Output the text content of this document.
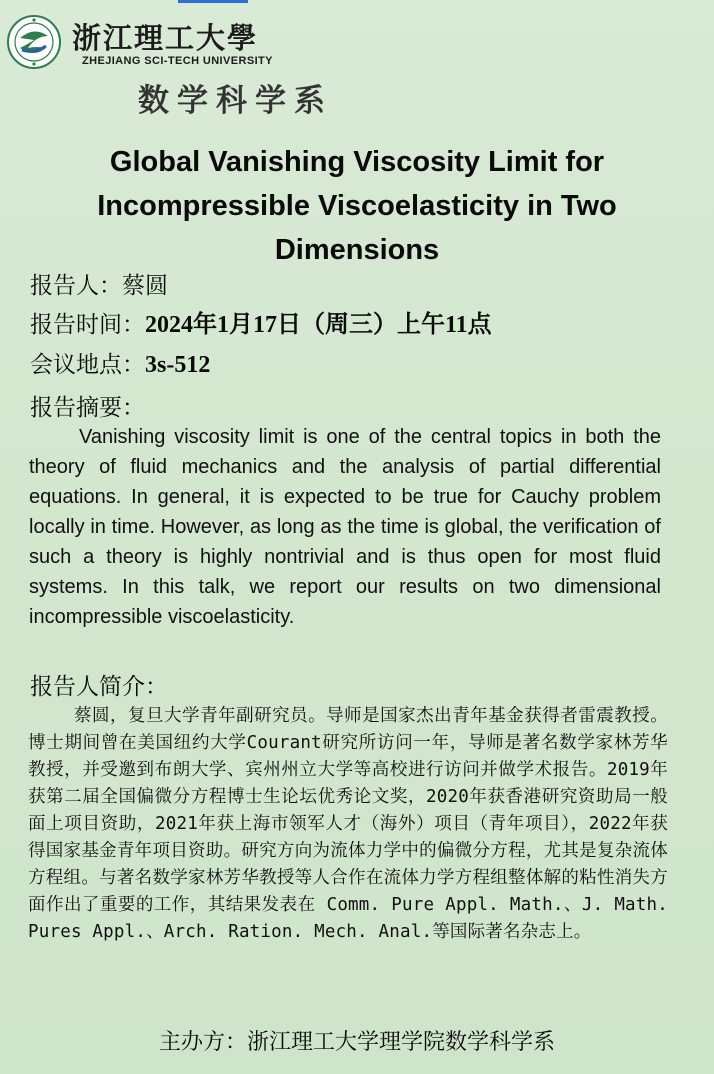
浙江理工大學
ZHEJIANG SCI-TECH UNIVERSITY
数学科学系
Global Vanishing Viscosity Limit for
Incompressible Viscoelasticity in Two
Dimensions
报告人：蔡圆
报告时间：2024年1月17日（周三）上午11点
会议地点：3s-512
报告摘要：

Vanishing viscosity limit is one of the central topics in both the theory of fluid mechanics and the analysis of partial differential equations. In general, it is expected to be true for Cauchy problem locally in time. However, as long as the time is global, the verification of such a theory is highly nontrivial and is thus open for most fluid systems. In this talk, we report our results on two dimensional incompressible viscoelasticity.

报告人简介：

蔡圆，复旦大学青年副研究员。导师是国家杰出青年基金获得者雷震教授。博士期间曾在美国纽约大学Courant研究所访问一年，导师是著名数学家林芳华教授，并受邀到布朗大学、宾州州立大学等高校进行访问并做学术报告。2019年获第二届全国偏微分方程博士生论坛优秀论文奖，2020年获香港研究资助局一般面上项目资助，2021年获上海市领军人才（海外）项目（青年项目），2022年获得国家基金青年项目资助。研究方向为流体力学中的偏微分方程，尤其是复杂流体方程组。与著名数学家林芳华教授等人合作在流体力学方程组整体解的粘性消失方面作出了重要的工作，其结果发表在 Comm. Pure Appl. Math.、J. Math. Pures Appl.、Arch. Ration. Mech. Anal.等国际著名杂志上。

主办方：浙江理工大学理学院数学科学系
